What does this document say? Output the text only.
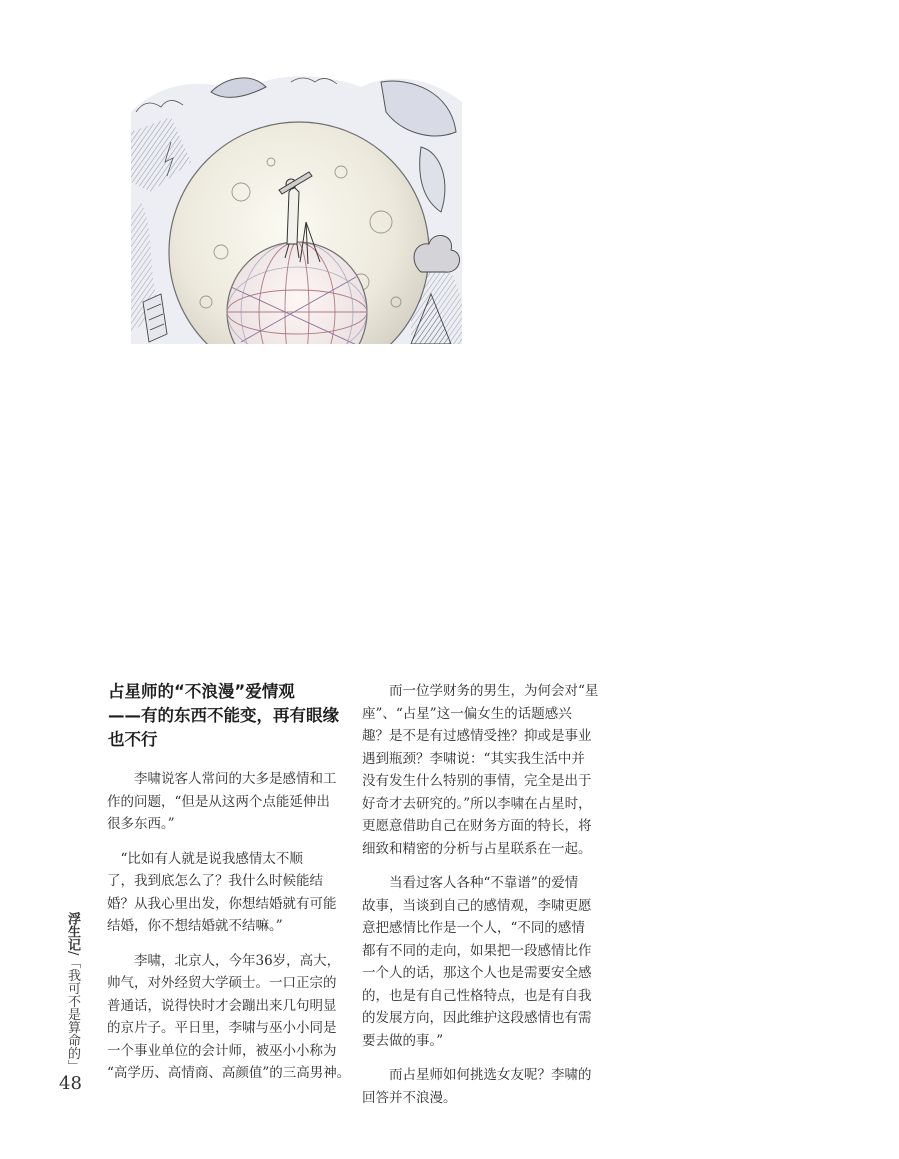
占星师的“不浪漫”爱情观
——有的东西不能变，再有眼缘
也不行

　　李啸说客人常问的大多是感情和工
作的问题，“但是从这两个点能延伸出
很多东西。”

　“比如有人就是说我感情太不顺
了，我到底怎么了？我什么时候能结
婚？从我心里出发，你想结婚就有可能
结婚，你不想结婚就不结嘛。”

　　李啸，北京人，今年36岁，高大，
帅气，对外经贸大学硕士。一口正宗的
普通话，说得快时才会蹦出来几句明显
的京片子。平日里，李啸与巫小小同是
一个事业单位的会计师，被巫小小称为
“高学历、高情商、高颜值”的三高男神。

　　而一位学财务的男生，为何会对“星
座”、“占星”这一偏女生的话题感兴
趣？是不是有过感情受挫？抑或是事业
遇到瓶颈？李啸说：“其实我生活中并
没有发生什么特别的事情，完全是出于
好奇才去研究的。”所以李啸在占星时，
更愿意借助自己在财务方面的特长，将
细致和精密的分析与占星联系在一起。

　　当看过客人各种“不靠谱”的爱情
故事，当谈到自己的感情观，李啸更愿
意把感情比作是一个人，“不同的感情
都有不同的走向，如果把一段感情比作
一个人的话，那这个人也是需要安全感
的，也是有自己性格特点，也是有自我
的发展方向，因此维护这段感情也有需
要去做的事。”

　　而占星师如何挑选女友呢？李啸的
回答并不浪漫。

浮生记/「我可不是算命的」
48
